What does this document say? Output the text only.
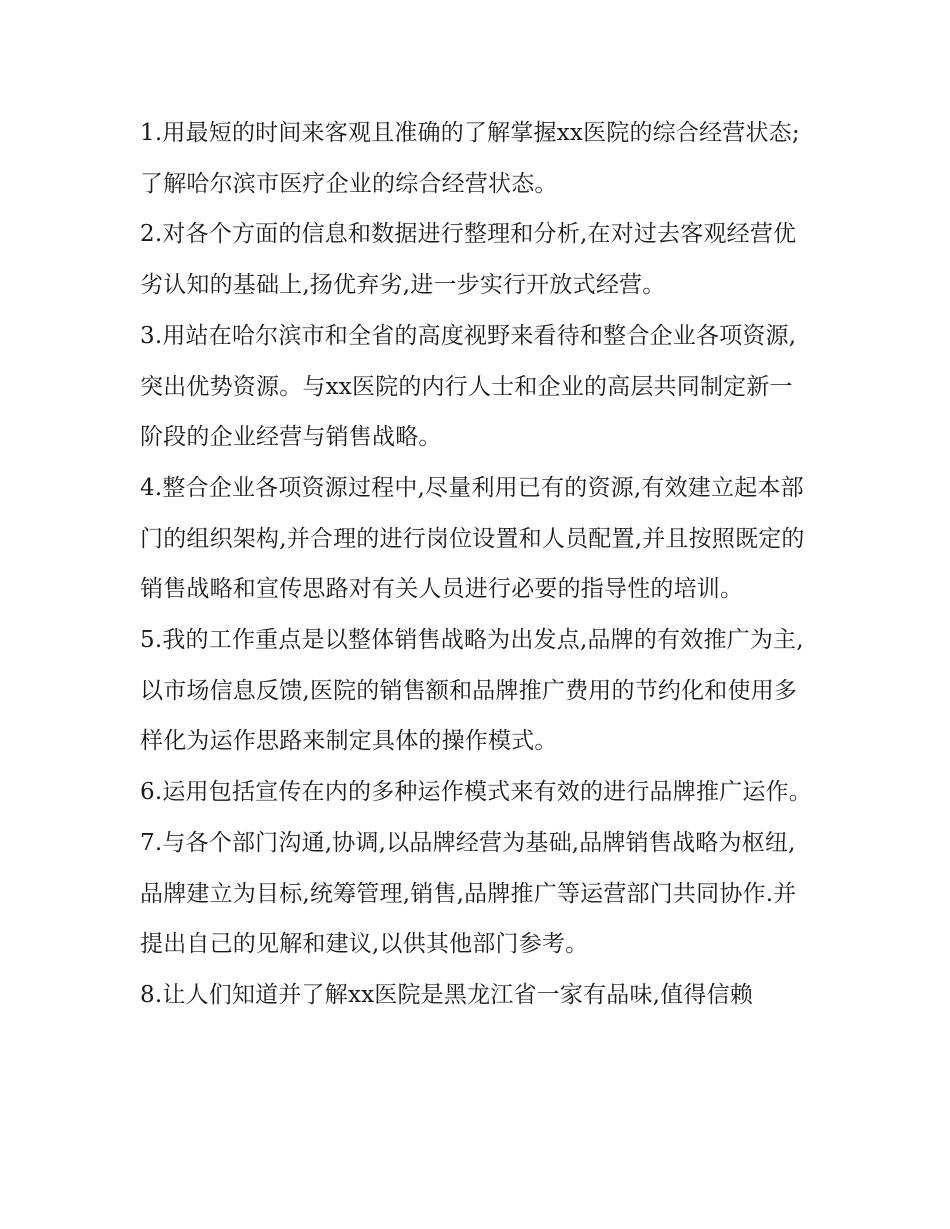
1.用最短的时间来客观且准确的了解掌握xx医院的综合经营状态;了解哈尔滨市医疗企业的综合经营状态。

2.对各个方面的信息和数据进行整理和分析,在对过去客观经营优劣认知的基础上,扬优弃劣,进一步实行开放式经营。

3.用站在哈尔滨市和全省的高度视野来看待和整合企业各项资源,突出优势资源。与xx医院的内行人士和企业的高层共同制定新一阶段的企业经营与销售战略。

4.整合企业各项资源过程中,尽量利用已有的资源,有效建立起本部门的组织架构,并合理的进行岗位设置和人员配置,并且按照既定的销售战略和宣传思路对有关人员进行必要的指导性的培训。

5.我的工作重点是以整体销售战略为出发点,品牌的有效推广为主,以市场信息反馈,医院的销售额和品牌推广费用的节约化和使用多样化为运作思路来制定具体的操作模式。

6.运用包括宣传在内的多种运作模式来有效的进行品牌推广运作。

7.与各个部门沟通,协调,以品牌经营为基础,品牌销售战略为枢纽,品牌建立为目标,统筹管理,销售,品牌推广等运营部门共同协作.并提出自己的见解和建议,以供其他部门参考。

8.让人们知道并了解xx医院是黑龙江省一家有品味,值得信赖
